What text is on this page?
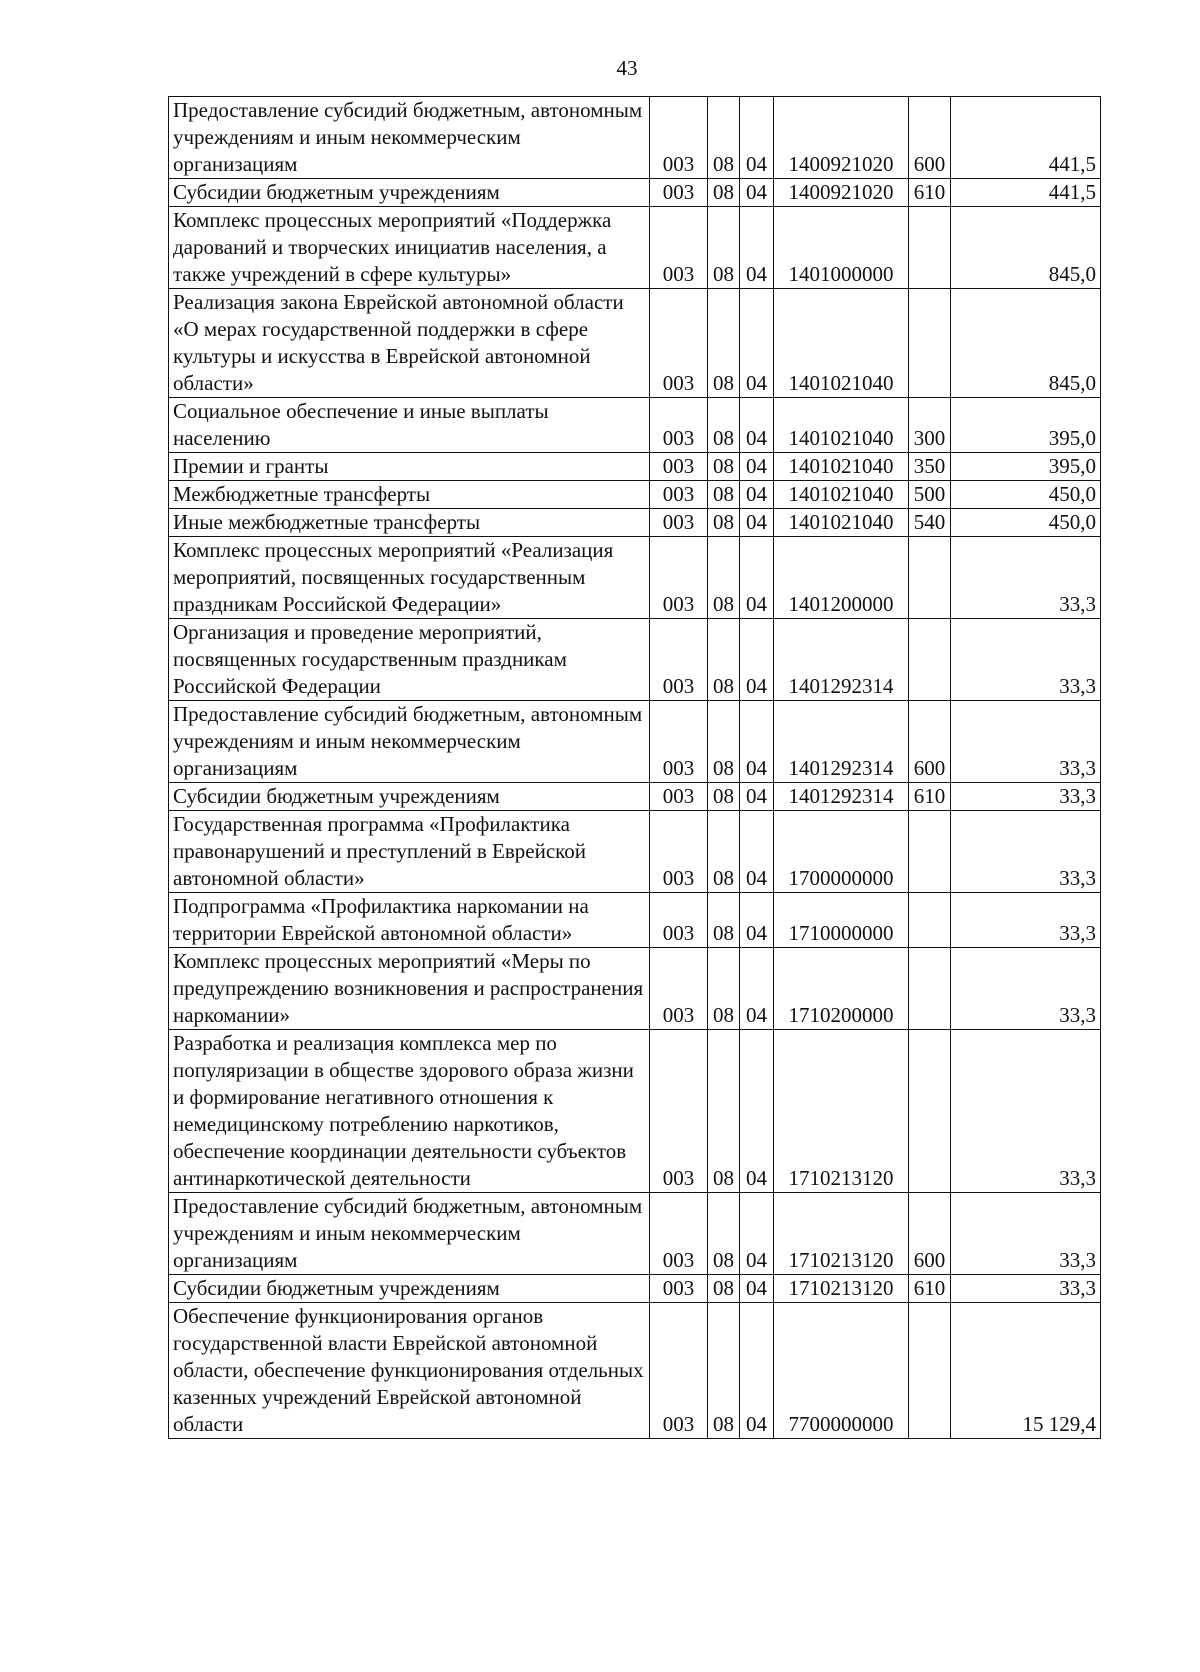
43
Предоставление субсидий бюджетным, автономным учреждениям и иным некоммерческим организациям	003	08	04	1400921020	600	441,5
Субсидии бюджетным учреждениям	003	08	04	1400921020	610	441,5
Комплекс процессных мероприятий «Поддержка дарований и творческих инициатив населения, а также учреждений в сфере культуры»	003	08	04	1401000000		845,0
Реализация закона Еврейской автономной области «О мерах государственной поддержки в сфере культуры и искусства в Еврейской автономной области»	003	08	04	1401021040		845,0
Социальное обеспечение и иные выплаты населению	003	08	04	1401021040	300	395,0
Премии и гранты	003	08	04	1401021040	350	395,0
Межбюджетные трансферты	003	08	04	1401021040	500	450,0
Иные межбюджетные трансферты	003	08	04	1401021040	540	450,0
Комплекс процессных мероприятий «Реализация мероприятий, посвященных государственным праздникам Российской Федерации»	003	08	04	1401200000		33,3
Организация и проведение мероприятий, посвященных государственным праздникам Российской Федерации	003	08	04	1401292314		33,3
Предоставление субсидий бюджетным, автономным учреждениям и иным некоммерческим организациям	003	08	04	1401292314	600	33,3
Субсидии бюджетным учреждениям	003	08	04	1401292314	610	33,3
Государственная программа «Профилактика правонарушений и преступлений в Еврейской автономной области»	003	08	04	1700000000		33,3
Подпрограмма «Профилактика наркомании на территории Еврейской автономной области»	003	08	04	1710000000		33,3
Комплекс процессных мероприятий «Меры по предупреждению возникновения и распространения наркомании»	003	08	04	1710200000		33,3
Разработка и реализация комплекса мер по популяризации в обществе здорового образа жизни и формирование негативного отношения к немедицинскому потреблению наркотиков, обеспечение координации деятельности субъектов антинаркотической деятельности	003	08	04	1710213120		33,3
Предоставление субсидий бюджетным, автономным учреждениям и иным некоммерческим организациям	003	08	04	1710213120	600	33,3
Субсидии бюджетным учреждениям	003	08	04	1710213120	610	33,3
Обеспечение функционирования органов государственной власти Еврейской автономной области, обеспечение функционирования отдельных казенных учреждений Еврейской автономной области	003	08	04	7700000000		15 129,4
